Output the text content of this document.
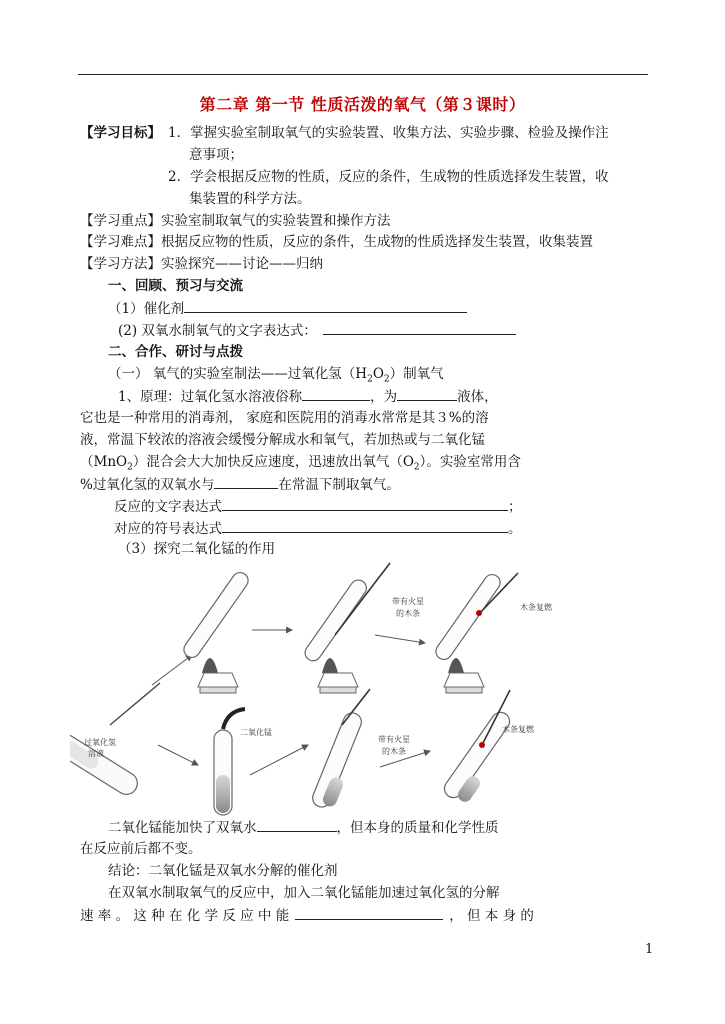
第二章 第一节 性质活泼的氧气（第３课时）
【学习目标】 1．掌握实验室制取氧气的实验装置、收集方法、实验步骤、检验及操作注
意事项；
2．学会根据反应物的性质，反应的条件，生成物的性质选择发生装置，收
集装置的科学方法。
【学习重点】实验室制取氧气的实验装置和操作方法
【学习难点】根据反应物的性质，反应的条件，生成物的性质选择发生装置，收集装置
【学习方法】实验探究——讨论——归纳
一、回顾、预习与交流
（1）催化剂
(2) 双氧水制氧气的文字表达式：
二、合作、研讨与点拨
（一） 氧气的实验室制法——过氧化氢$(H_2O_2)$制氧气
1、原理：过氧化氢水溶液俗称	，为	液体，
它也是一种常用的消毒剂， 家庭和医院用的消毒水常常是其３%的溶
液，常温下较浓的溶液会缓慢分解成水和氧气，若加热或与二氧化锰
（MnO$_2$）混合会大大加快反应速度，迅速放出氧气$(O_2)$。实验室常用含
%过氧化氢的双氧水与	在常温下制取氧气。
反应的文字表达式	；
对应的符号表达式	。
（3）探究二氧化锰的作用
过氧化氢
溶液
带有火星
的木条
木条复燃
二氧化锰
带有火星
的木条
木条复燃
二氧化锰能加快了双氧水	，但本身的质量和化学性质
在反应前后都不变。
结论：二氧化锰是双氧水分解的催化剂
在双氧水制取氧气的反应中，加入二氧化锰能加速过氧化氢的分解
速 率 。 这 种 在 化 学 反 应 中 能	， 但 本 身 的
1
